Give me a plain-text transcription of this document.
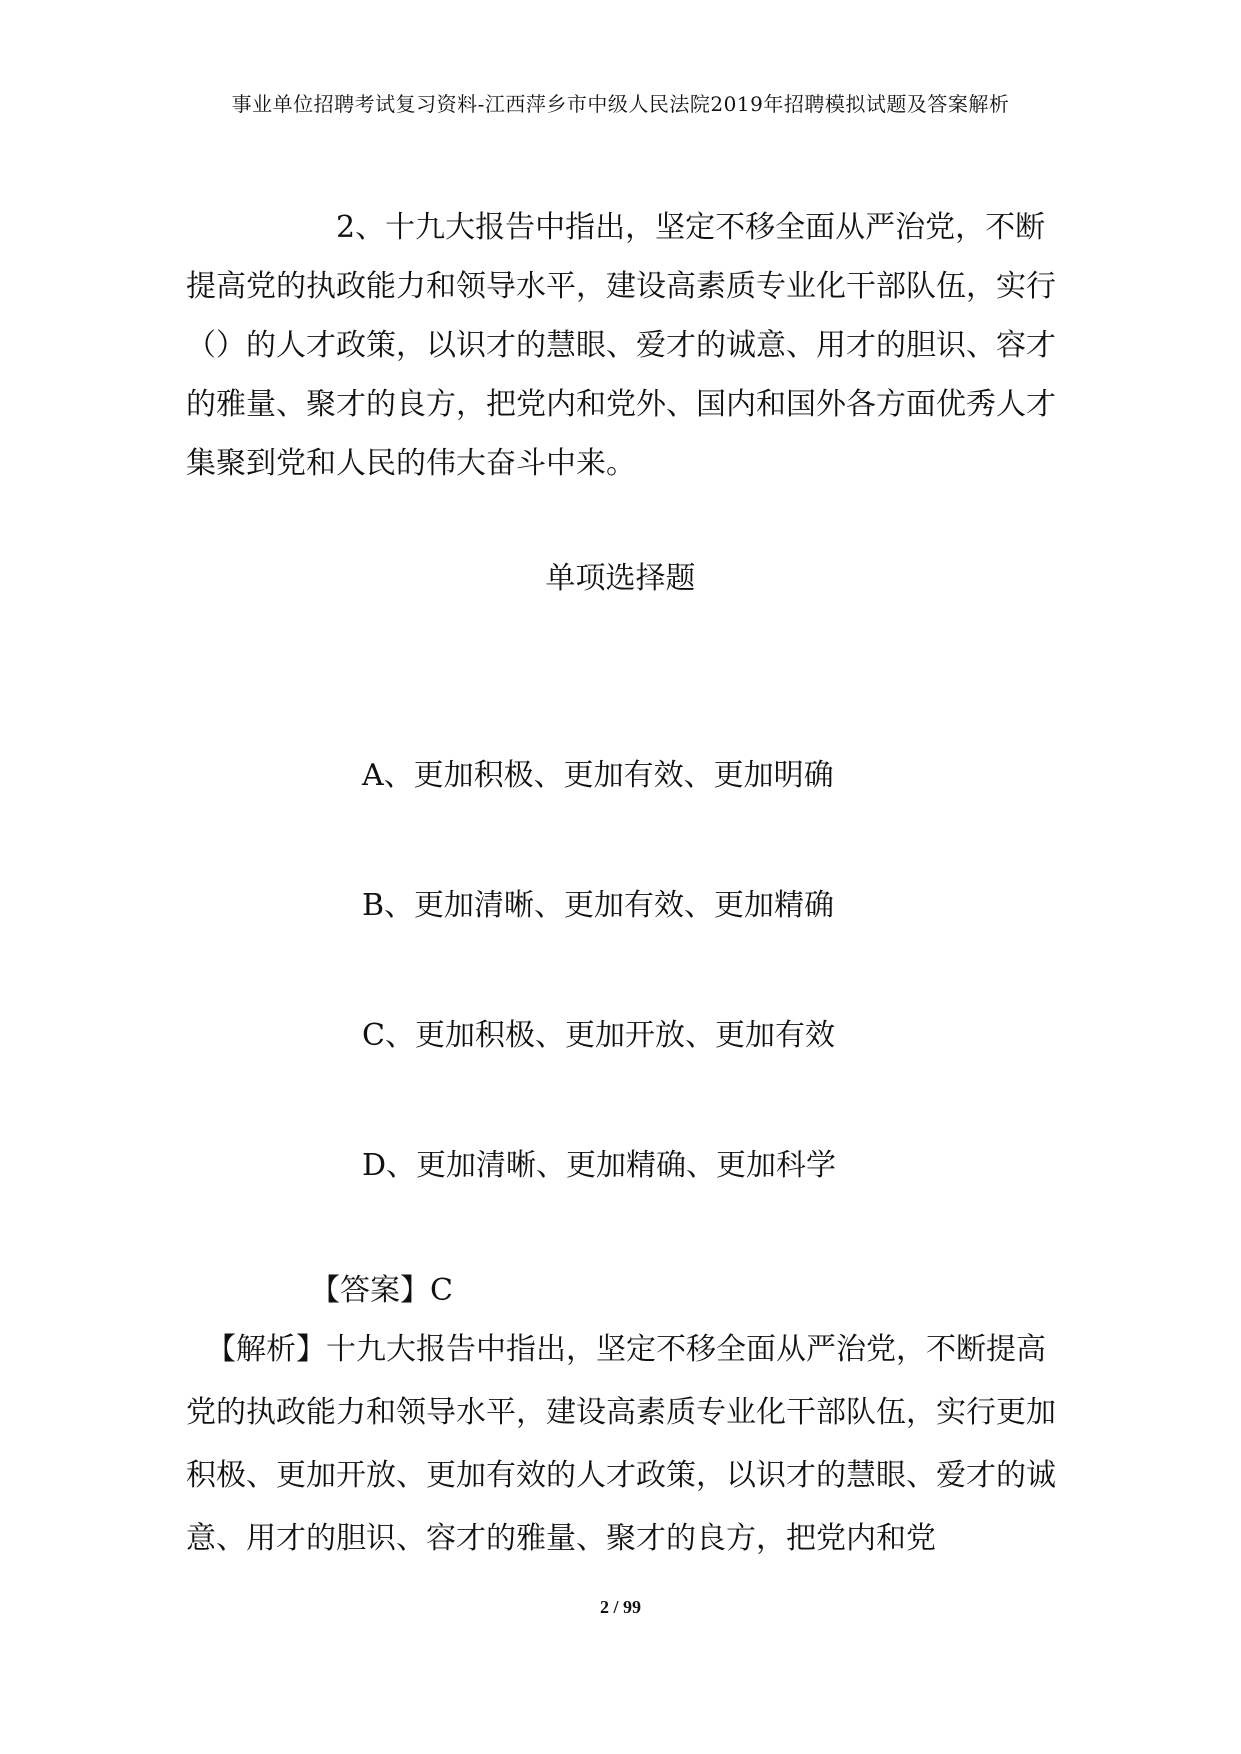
事业单位招聘考试复习资料-江西萍乡市中级人民法院2019年招聘模拟试题及答案解析

2、十九大报告中指出，坚定不移全面从严治党，不断提高党的执政能力和领导水平，建设高素质专业化干部队伍，实行（）的人才政策，以识才的慧眼、爱才的诚意、用才的胆识、容才的雅量、聚才的良方，把党内和党外、国内和国外各方面优秀人才集聚到党和人民的伟大奋斗中来。

单项选择题
A、更加积极、更加有效、更加明确
B、更加清晰、更加有效、更加精确
C、更加积极、更加开放、更加有效
D、更加清晰、更加精确、更加科学
【答案】C

【解析】十九大报告中指出，坚定不移全面从严治党，不断提高党的执政能力和领导水平，建设高素质专业化干部队伍，实行更加积极、更加开放、更加有效的人才政策，以识才的慧眼、爱才的诚意、用才的胆识、容才的雅量、聚才的良方，把党内和党

2 / 99
